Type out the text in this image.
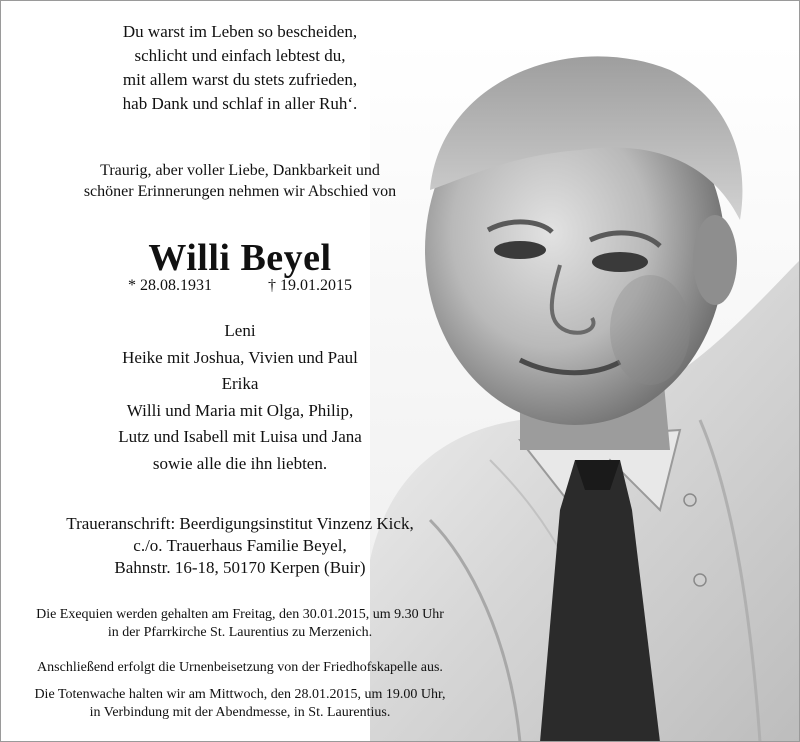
Du warst im Leben so bescheiden,
schlicht und einfach lebtest du,
mit allem warst du stets zufrieden,
hab Dank und schlaf in aller Ruh‘.
Traurig, aber voller Liebe, Dankbarkeit und
schöner Erinnerungen nehmen wir Abschied von
Willi Beyel
* 28.08.1931	† 19.01.2015
Leni
Heike mit Joshua, Vivien und Paul
Erika
Willi und Maria mit Olga, Philip,
Lutz und Isabell mit Luisa und Jana
sowie alle die ihn liebten.
Traueranschrift: Beerdigungsinstitut Vinzenz Kick,
c./o. Trauerhaus Familie Beyel,
Bahnstr. 16-18, 50170 Kerpen (Buir)
Die Exequien werden gehalten am Freitag, den 30.01.2015, um 9.30 Uhr
in der Pfarrkirche St. Laurentius zu Merzenich.
Anschließend erfolgt die Urnenbeisetzung von der Friedhofskapelle aus.
Die Totenwache halten wir am Mittwoch, den 28.01.2015, um 19.00 Uhr,
in Verbindung mit der Abendmesse, in St. Laurentius.
